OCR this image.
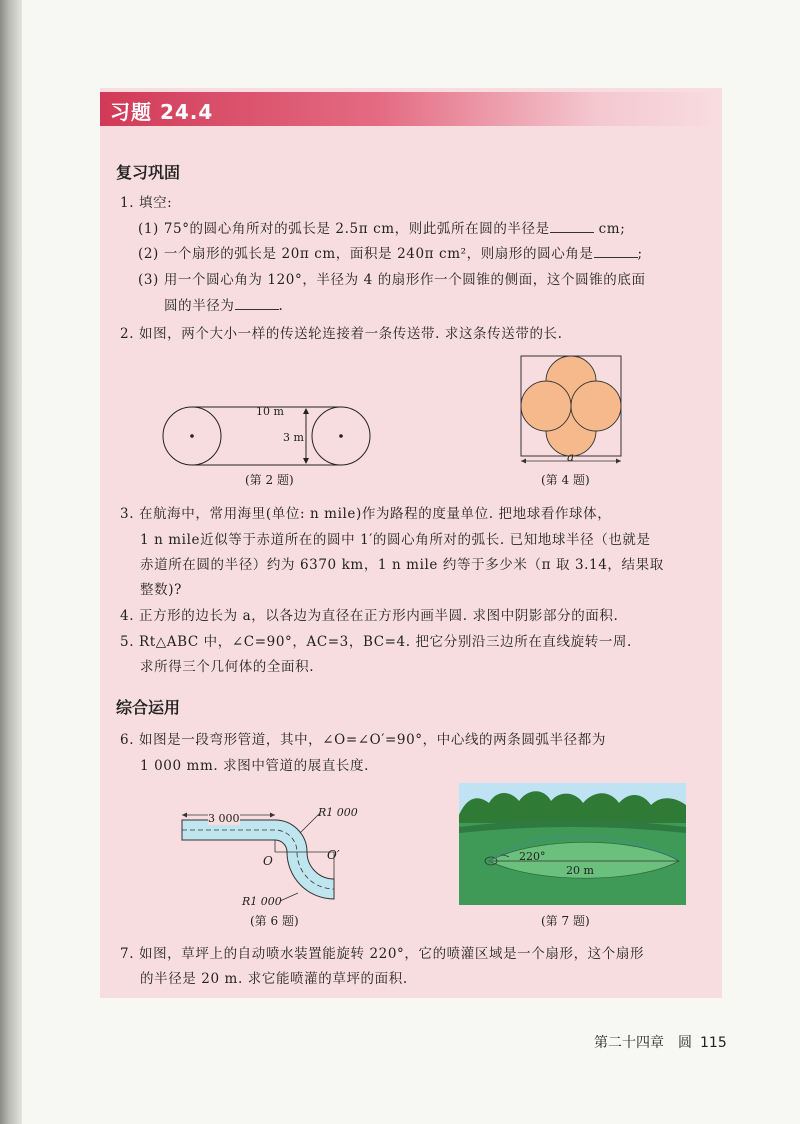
习题 24.4
复习巩固
1. 填空:
(1) 75°的圆心角所对的弧长是 2.5π cm，则此弧所在圆的半径是	cm;
(2) 一个扇形的弧长是 20π cm，面积是 240π cm²，则扇形的圆心角是	;
(3) 用一个圆心角为 120°，半径为 4 的扇形作一个圆锥的侧面，这个圆锥的底面
圆的半径为	.
2. 如图，两个大小一样的传送轮连接着一条传送带. 求这条传送带的长.
10 m
3 m
(第 2 题)
a
(第 4 题)
3. 在航海中，常用海里(单位: n mile)作为路程的度量单位. 把地球看作球体，
1 n mile近似等于赤道所在的圆中 1′的圆心角所对的弧长. 已知地球半径（也就是
赤道所在圆的半径）约为 6370 km，1 n mile 约等于多少米（π 取 3.14，结果取
整数)?
4. 正方形的边长为 a，以各边为直径在正方形内画半圆. 求图中阴影部分的面积.
5. Rt△ABC 中，∠C=90°，AC=3，BC=4. 把它分别沿三边所在直线旋转一周.
求所得三个几何体的全面积.
综合运用
6. 如图是一段弯形管道，其中，∠O=∠O′=90°，中心线的两条圆弧半径都为
1 000 mm. 求图中管道的展直长度.
3 000	R1 000
O	O′
R1 000
(第 6 题)
220°
20 m
(第 7 题)
7. 如图，草坪上的自动喷水装置能旋转 220°，它的喷灌区域是一个扇形，这个扇形
的半径是 20 m. 求它能喷灌的草坪的面积.
第二十四章　圆 115
